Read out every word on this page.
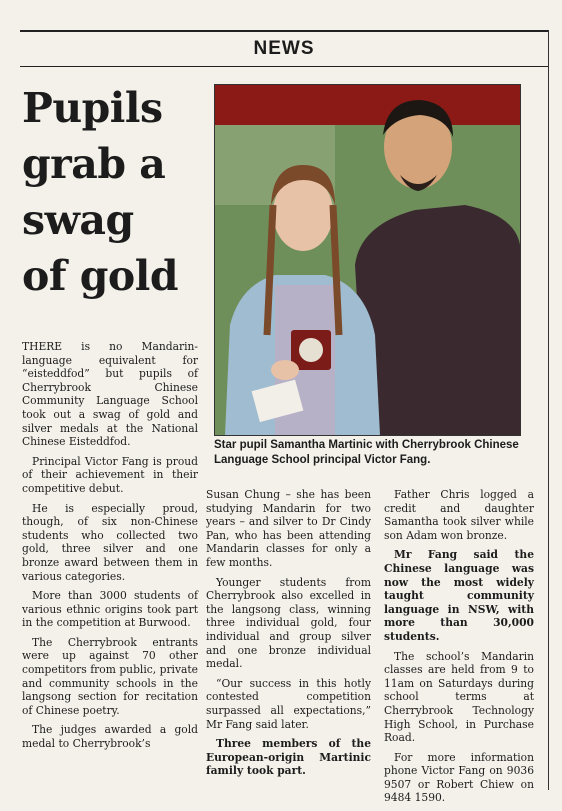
NEWS
Pupils
grab a
swag
of gold
Star pupil Samantha Martinic with Cherrybrook Chinese Language School principal Victor Fang.

THERE is no Mandarin-language equivalent for “eisteddfod” but pupils of Cherrybrook Chinese Community Language School took out a swag of gold and silver medals at the National Chinese Eisteddfod.

Principal Victor Fang is proud of their achievement in their competitive debut.

He is especially proud, though, of six non-Chinese students who collected two gold, three silver and one bronze award between them in various categories.

More than 3000 students of various ethnic origins took part in the competition at Burwood.

The Cherrybrook entrants were up against 70 other competitors from public, private and community schools in the langsong section for recitation of Chinese poetry.

The judges awarded a gold medal to Cherrybrook’s

Susan Chung – she has been studying Mandarin for two years – and silver to Dr Cindy Pan, who has been attending Mandarin classes for only a few months.

Younger students from Cherrybrook also excelled in the langsong class, winning three individual gold, four individual and group silver and one bronze individual medal.

“Our success in this hotly contested competition surpassed all expectations,” Mr Fang said later.

Three members of the European-origin Martinic family took part.

Father Chris logged a credit and daughter Samantha took silver while son Adam won bronze.

Mr Fang said the Chinese language was now the most widely taught community language in NSW, with more than 30,000 students.

The school’s Mandarin classes are held from 9 to 11am on Saturdays during school terms at Cherrybrook Technology High School, in Purchase Road.

For more information phone Victor Fang on 9036 9507 or Robert Chiew on 9484 1590.
